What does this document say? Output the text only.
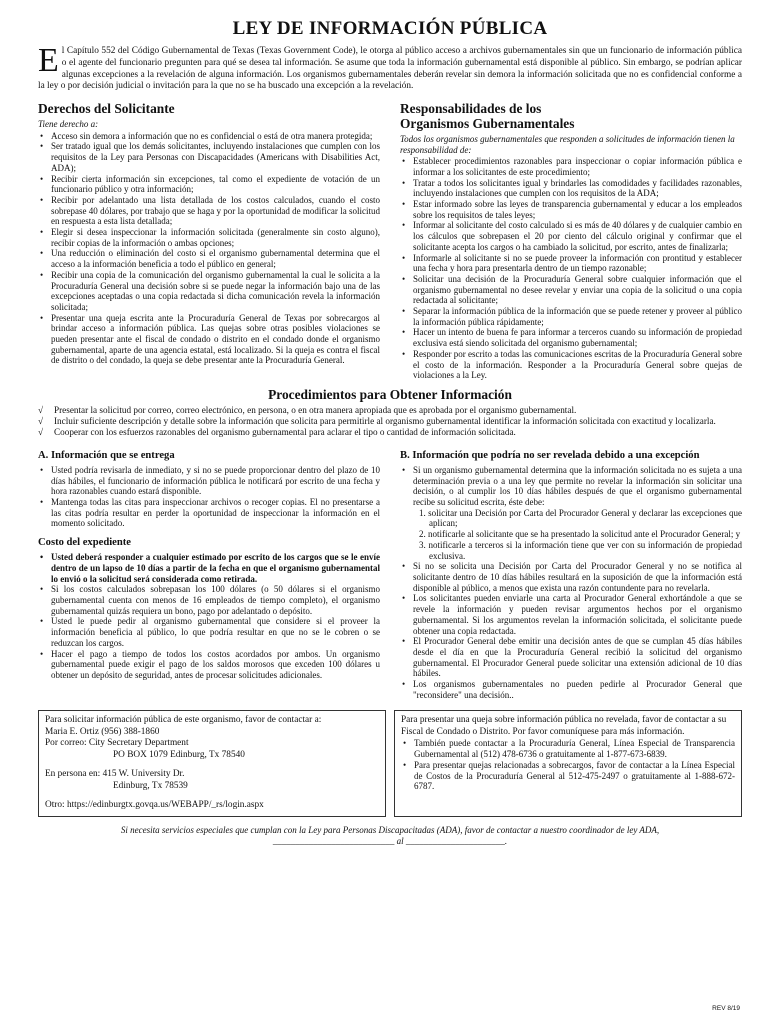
LEY DE INFORMACIÓN PÚBLICA

El Capítulo 552 del Código Gubernamental de Texas (Texas Government Code), le otorga al público acceso a archivos gubernamentales sin que un funcionario de información pública o el agente del funcionario pregunten para qué se desea tal información. Se asume que toda la información gubernamental está disponible al público. Sin embargo, se podrían aplicar algunas excepciones a la revelación de alguna información. Los organismos gubernamentales deberán revelar sin demora la información solicitada que no es confidencial conforme a la ley o por decisión judicial o invitación para la que no se ha buscado una excepción a la revelación.

Derechos del Solicitante
Tiene derecho a:
• Acceso sin demora a información que no es confidencial o está de otra manera protegida;
• Ser tratado igual que los demás solicitantes, incluyendo instalaciones que cumplen con los requisitos de la Ley para Personas con Discapacidades (Americans with Disabilities Act, ADA);
• Recibir cierta información sin excepciones, tal como el expediente de votación de un funcionario público y otra información;
• Recibir por adelantado una lista detallada de los costos calculados, cuando el costo sobrepase 40 dólares, por trabajo que se haga y por la oportunidad de modificar la solicitud en respuesta a esta lista detallada;
• Elegir si desea inspeccionar la información solicitada (generalmente sin costo alguno), recibir copias de la información o ambas opciones;
• Una reducción o eliminación del costo si el organismo gubernamental determina que el acceso a la información beneficia a todo el público en general;
• Recibir una copia de la comunicación del organismo gubernamental la cual le solicita a la Procuraduría General una decisión sobre si se puede negar la información bajo una de las excepciones aceptadas o una copia redactada si dicha comunicación revela la información solicitada;
• Presentar una queja escrita ante la Procuraduría General de Texas por sobrecargos al brindar acceso a información pública. Las quejas sobre otras posibles violaciones se pueden presentar ante el fiscal de condado o distrito en el condado donde el organismo gubernamental, aparte de una agencia estatal, está localizado. Si la queja es contra el fiscal de distrito o del condado, la queja se debe presentar ante la Procuraduría General.
Responsabilidades de los
Organismos Gubernamentales
Todos los organismos gubernamentales que responden a solicitudes de información tienen la responsabilidad de:
• Establecer procedimientos razonables para inspeccionar o copiar información pública e informar a los solicitantes de este procedimiento;
• Tratar a todos los solicitantes igual y brindarles las comodidades y facilidades razonables, incluyendo instalaciones que cumplen con los requisitos de la ADA;
• Estar informado sobre las leyes de transparencia gubernamental y educar a los empleados sobre los requisitos de tales leyes;
• Informar al solicitante del costo calculado si es más de 40 dólares y de cualquier cambio en los cálculos que sobrepasen el 20 por ciento del cálculo original y confirmar que el solicitante acepta los cargos o ha cambiado la solicitud, por escrito, antes de finalizarla;
• Informarle al solicitante si no se puede proveer la información con prontitud y establecer una fecha y hora para presentarla dentro de un tiempo razonable;
• Solicitar una decisión de la Procuraduría General sobre cualquier información que el organismo gubernamental no desee revelar y enviar una copia de la solicitud o una copia redactada al solicitante;
• Separar la información pública de la información que se puede retener y proveer al público la información pública rápidamente;
• Hacer un intento de buena fe para informar a terceros cuando su información de propiedad exclusiva está siendo solicitada del organismo gubernamental;
• Responder por escrito a todas las comunicaciones escritas de la Procuraduría General sobre el costo de la información. Responder a la Procuraduría General sobre quejas de violaciones a la Ley.
Procedimientos para Obtener Información
√ Presentar la solicitud por correo, correo electrónico, en persona, o en otra manera apropiada que es aprobada por el organismo gubernamental.
√ Incluir suficiente descripción y detalle sobre la información que solicita para permitirle al organismo gubernamental identificar la información solicitada con exactitud y localizarla.
√ Cooperar con los esfuerzos razonables del organismo gubernamental para aclarar el tipo o cantidad de información solicitada.
A. Información que se entrega
• Usted podría revisarla de inmediato, y si no se puede proporcionar dentro del plazo de 10 días hábiles, el funcionario de información pública le notificará por escrito de una fecha y hora razonables cuando estará disponible.
• Mantenga todas las citas para inspeccionar archivos o recoger copias. El no presentarse a las citas podría resultar en perder la oportunidad de inspeccionar la información en el momento solicitado.
Costo del expediente
• Usted deberá responder a cualquier estimado por escrito de los cargos que se le envíe dentro de un lapso de 10 días a partir de la fecha en que el organismo gubernamental lo envió o la solicitud será considerada como retirada.
• Si los costos calculados sobrepasan los 100 dólares (o 50 dólares si el organismo gubernamental cuenta con menos de 16 empleados de tiempo completo), el organismo gubernamental quizás requiera un bono, pago por adelantado o depósito.
• Usted le puede pedir al organismo gubernamental que considere si el proveer la información beneficia al público, lo que podría resultar en que no se le cobren o se reduzcan los cargos.
• Hacer el pago a tiempo de todos los costos acordados por ambos. Un organismo gubernamental puede exigir el pago de los saldos morosos que exceden 100 dólares u obtener un depósito de seguridad, antes de procesar solicitudes adicionales.
B. Información que podría no ser revelada debido a una excepción
• Si un organismo gubernamental determina que la información solicitada no es sujeta a una determinación previa o a una ley que permite no revelar la información sin solicitar una decisión, o al cumplir los 10 días hábiles después de que el organismo gubernamental recibe su solicitud escrita, éste debe:
1. solicitar una Decisión por Carta del Procurador General y declarar las excepciones que aplican;
2. notificarle al solicitante que se ha presentado la solicitud ante el Procurador General; y
3. notificarle a terceros si la información tiene que ver con su información de propiedad exclusiva.
• Si no se solicita una Decisión por Carta del Procurador General y no se notifica al solicitante dentro de 10 días hábiles resultará en la suposición de que la información está disponible al público, a menos que exista una razón contundente para no revelarla.
• Los solicitantes pueden enviarle una carta al Procurador General exhortándole a que se revele la información y pueden revisar argumentos hechos por el organismo gubernamental. Si los argumentos revelan la información solicitada, el solicitante puede obtener una copia redactada.
• El Procurador General debe emitir una decisión antes de que se cumplan 45 días hábiles desde el día en que la Procuraduría General recibió la solicitud del organismo gubernamental. El Procurador General puede solicitar una extensión adicional de 10 días hábiles.
• Los organismos gubernamentales no pueden pedirle al Procurador General que "reconsidere" una decisión..
Para solicitar información pública de este organismo, favor de contactar a:
Maria E. Ortiz (956) 388-1860
Por correo: City Secretary Department
PO BOX 1079 Edinburg, Tx 78540
En persona en: 415 W. University Dr.
Edinburg, Tx 78539
Otro: https://edinburgtx.govqa.us/WEBAPP/_rs/login.aspx
Para presentar una queja sobre información pública no revelada, favor de contactar a su Fiscal de Condado o Distrito. Por favor comuníquese para más información.
• También puede contactar a la Procuraduría General, Línea Especial de Transparencia Gubernamental al (512) 478-6736 o gratuitamente al 1-877-673-6839.
• Para presentar quejas relacionadas a sobrecargos, favor de contactar a la Línea Especial de Costos de la Procuraduría General al 512-475-2497 o gratuitamente al 1-888-672-6787.
Si necesita servicios especiales que cumplan con la Ley para Personas Discapacitadas (ADA), favor de contactar a nuestro coordinador de ley ADA,
___________________________ al ______________________.
REV 8/19
